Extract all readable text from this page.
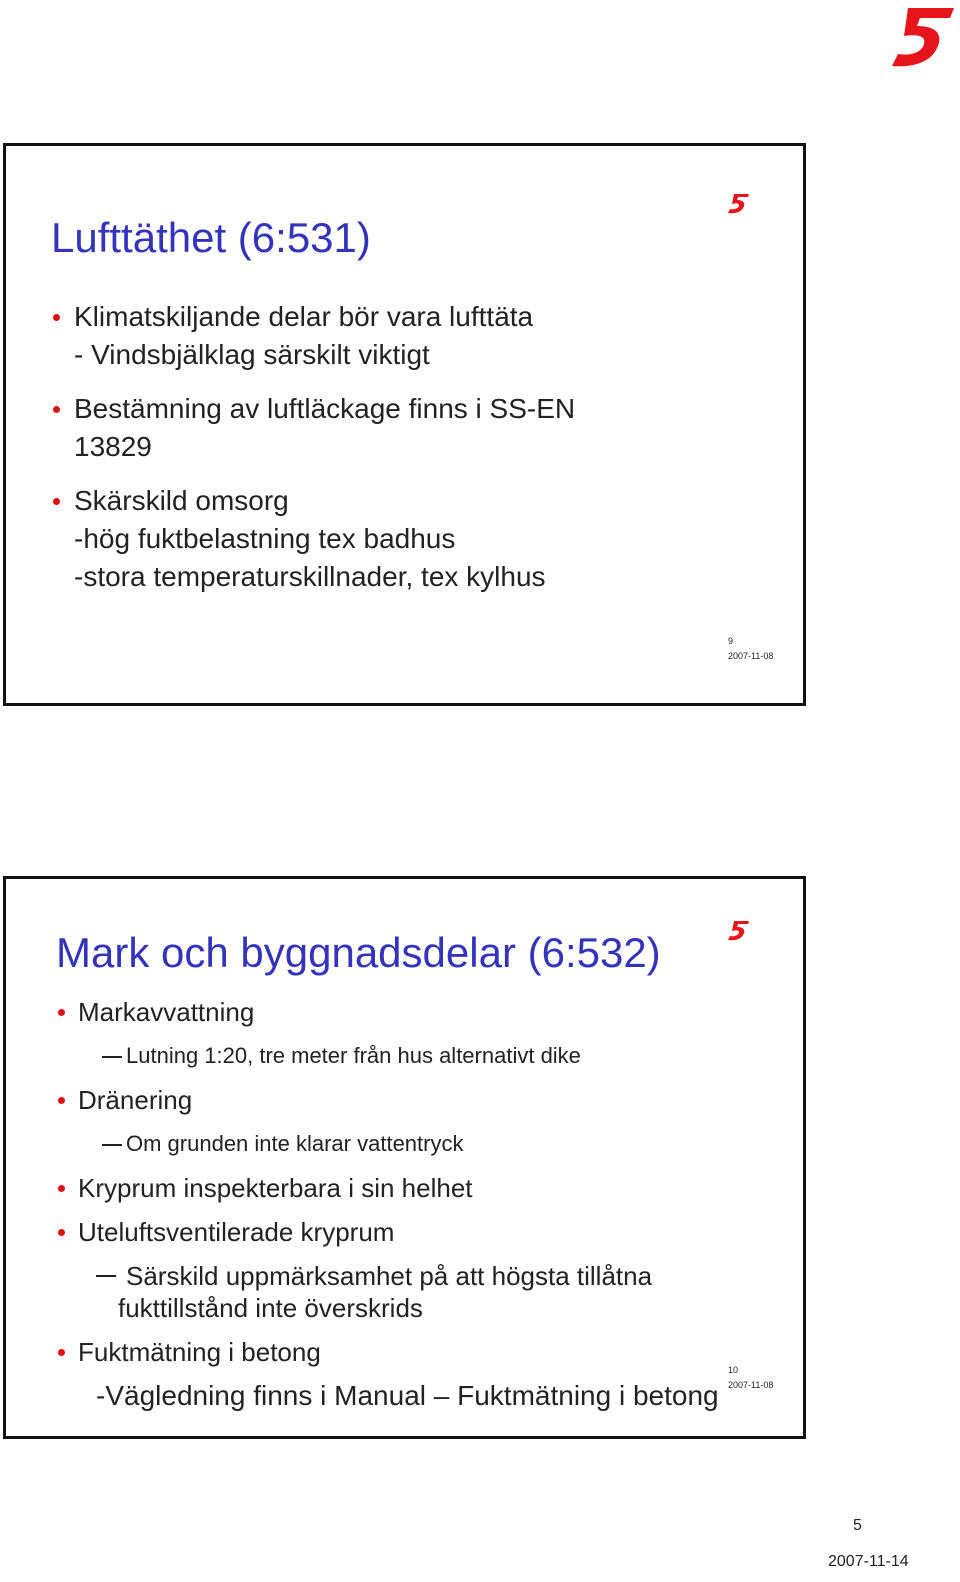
Lufttäthet (6:531)
Klimatskiljande delar bör vara lufttäta
- Vindsbjälklag särskilt viktigt
Bestämning av luftläckage finns i SS-EN
13829
Skärskild omsorg
-hög fuktbelastning tex badhus
-stora temperaturskillnader, tex kylhus
9
2007-11-08
Mark och byggnadsdelar (6:532)
Markavvattning
Lutning 1:20, tre meter från hus alternativt dike
Dränering
Om grunden inte klarar vattentryck
Kryprum inspekterbara i sin helhet
Uteluftsventilerade kryprum
Särskild uppmärksamhet på att högsta tillåtna
fukttillstånd inte överskrids
Fuktmätning i betong
-Vägledning finns i Manual – Fuktmätning i betong
10
2007-11-08
5
2007-11-14
